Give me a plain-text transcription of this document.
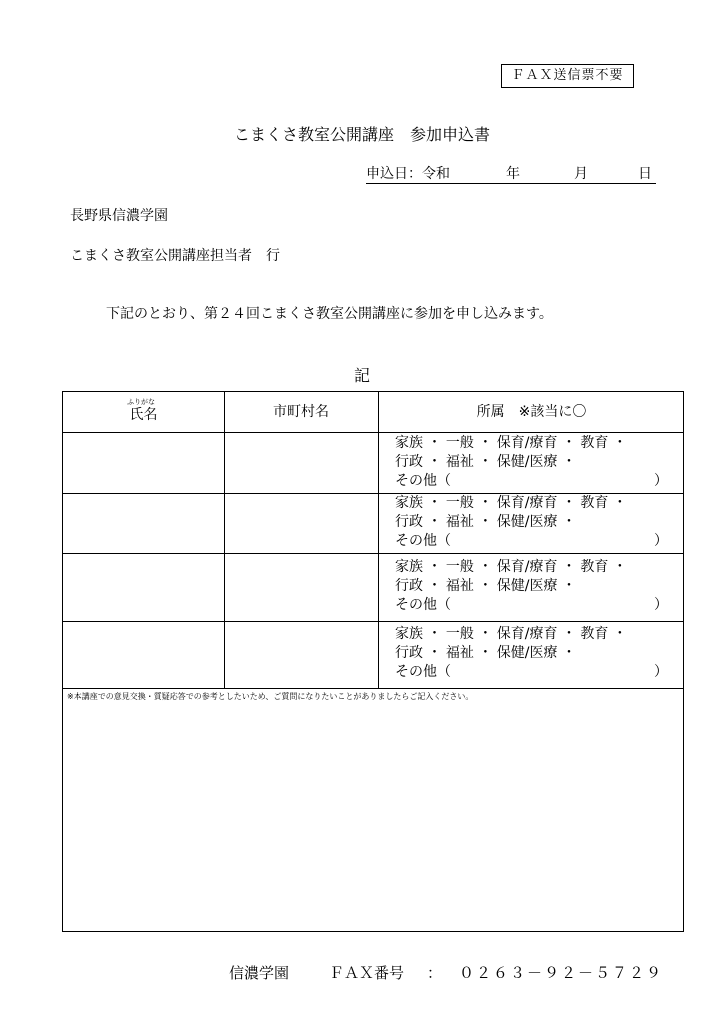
ＦＡＸ送信票不要
こまくさ教室公開講座　参加申込書
申込日：令和	年	月	日
長野県信濃学園
こまくさ教室公開講座担当者　行
下記のとおり、第２４回こまくさ教室公開講座に参加を申し込みます。
記
ふりがな
氏名	市町村名	所属　※該当に〇
家族 ・ 一般 ・ 保育/療育 ・ 教育 ・
行政 ・ 福祉 ・ 保健/医療 ・
その他（	）
家族 ・ 一般 ・ 保育/療育 ・ 教育 ・
行政 ・ 福祉 ・ 保健/医療 ・
その他（	）
家族 ・ 一般 ・ 保育/療育 ・ 教育 ・
行政 ・ 福祉 ・ 保健/医療 ・
その他（	）
家族 ・ 一般 ・ 保育/療育 ・ 教育 ・
行政 ・ 福祉 ・ 保健/医療 ・
その他（	）
※本講座での意見交換・質疑応答での参考としたいため、ご質問になりたいことがありましたらご記入ください。
信濃学園	ＦＡＸ番号 ： ０２６３－９２－５７２９
